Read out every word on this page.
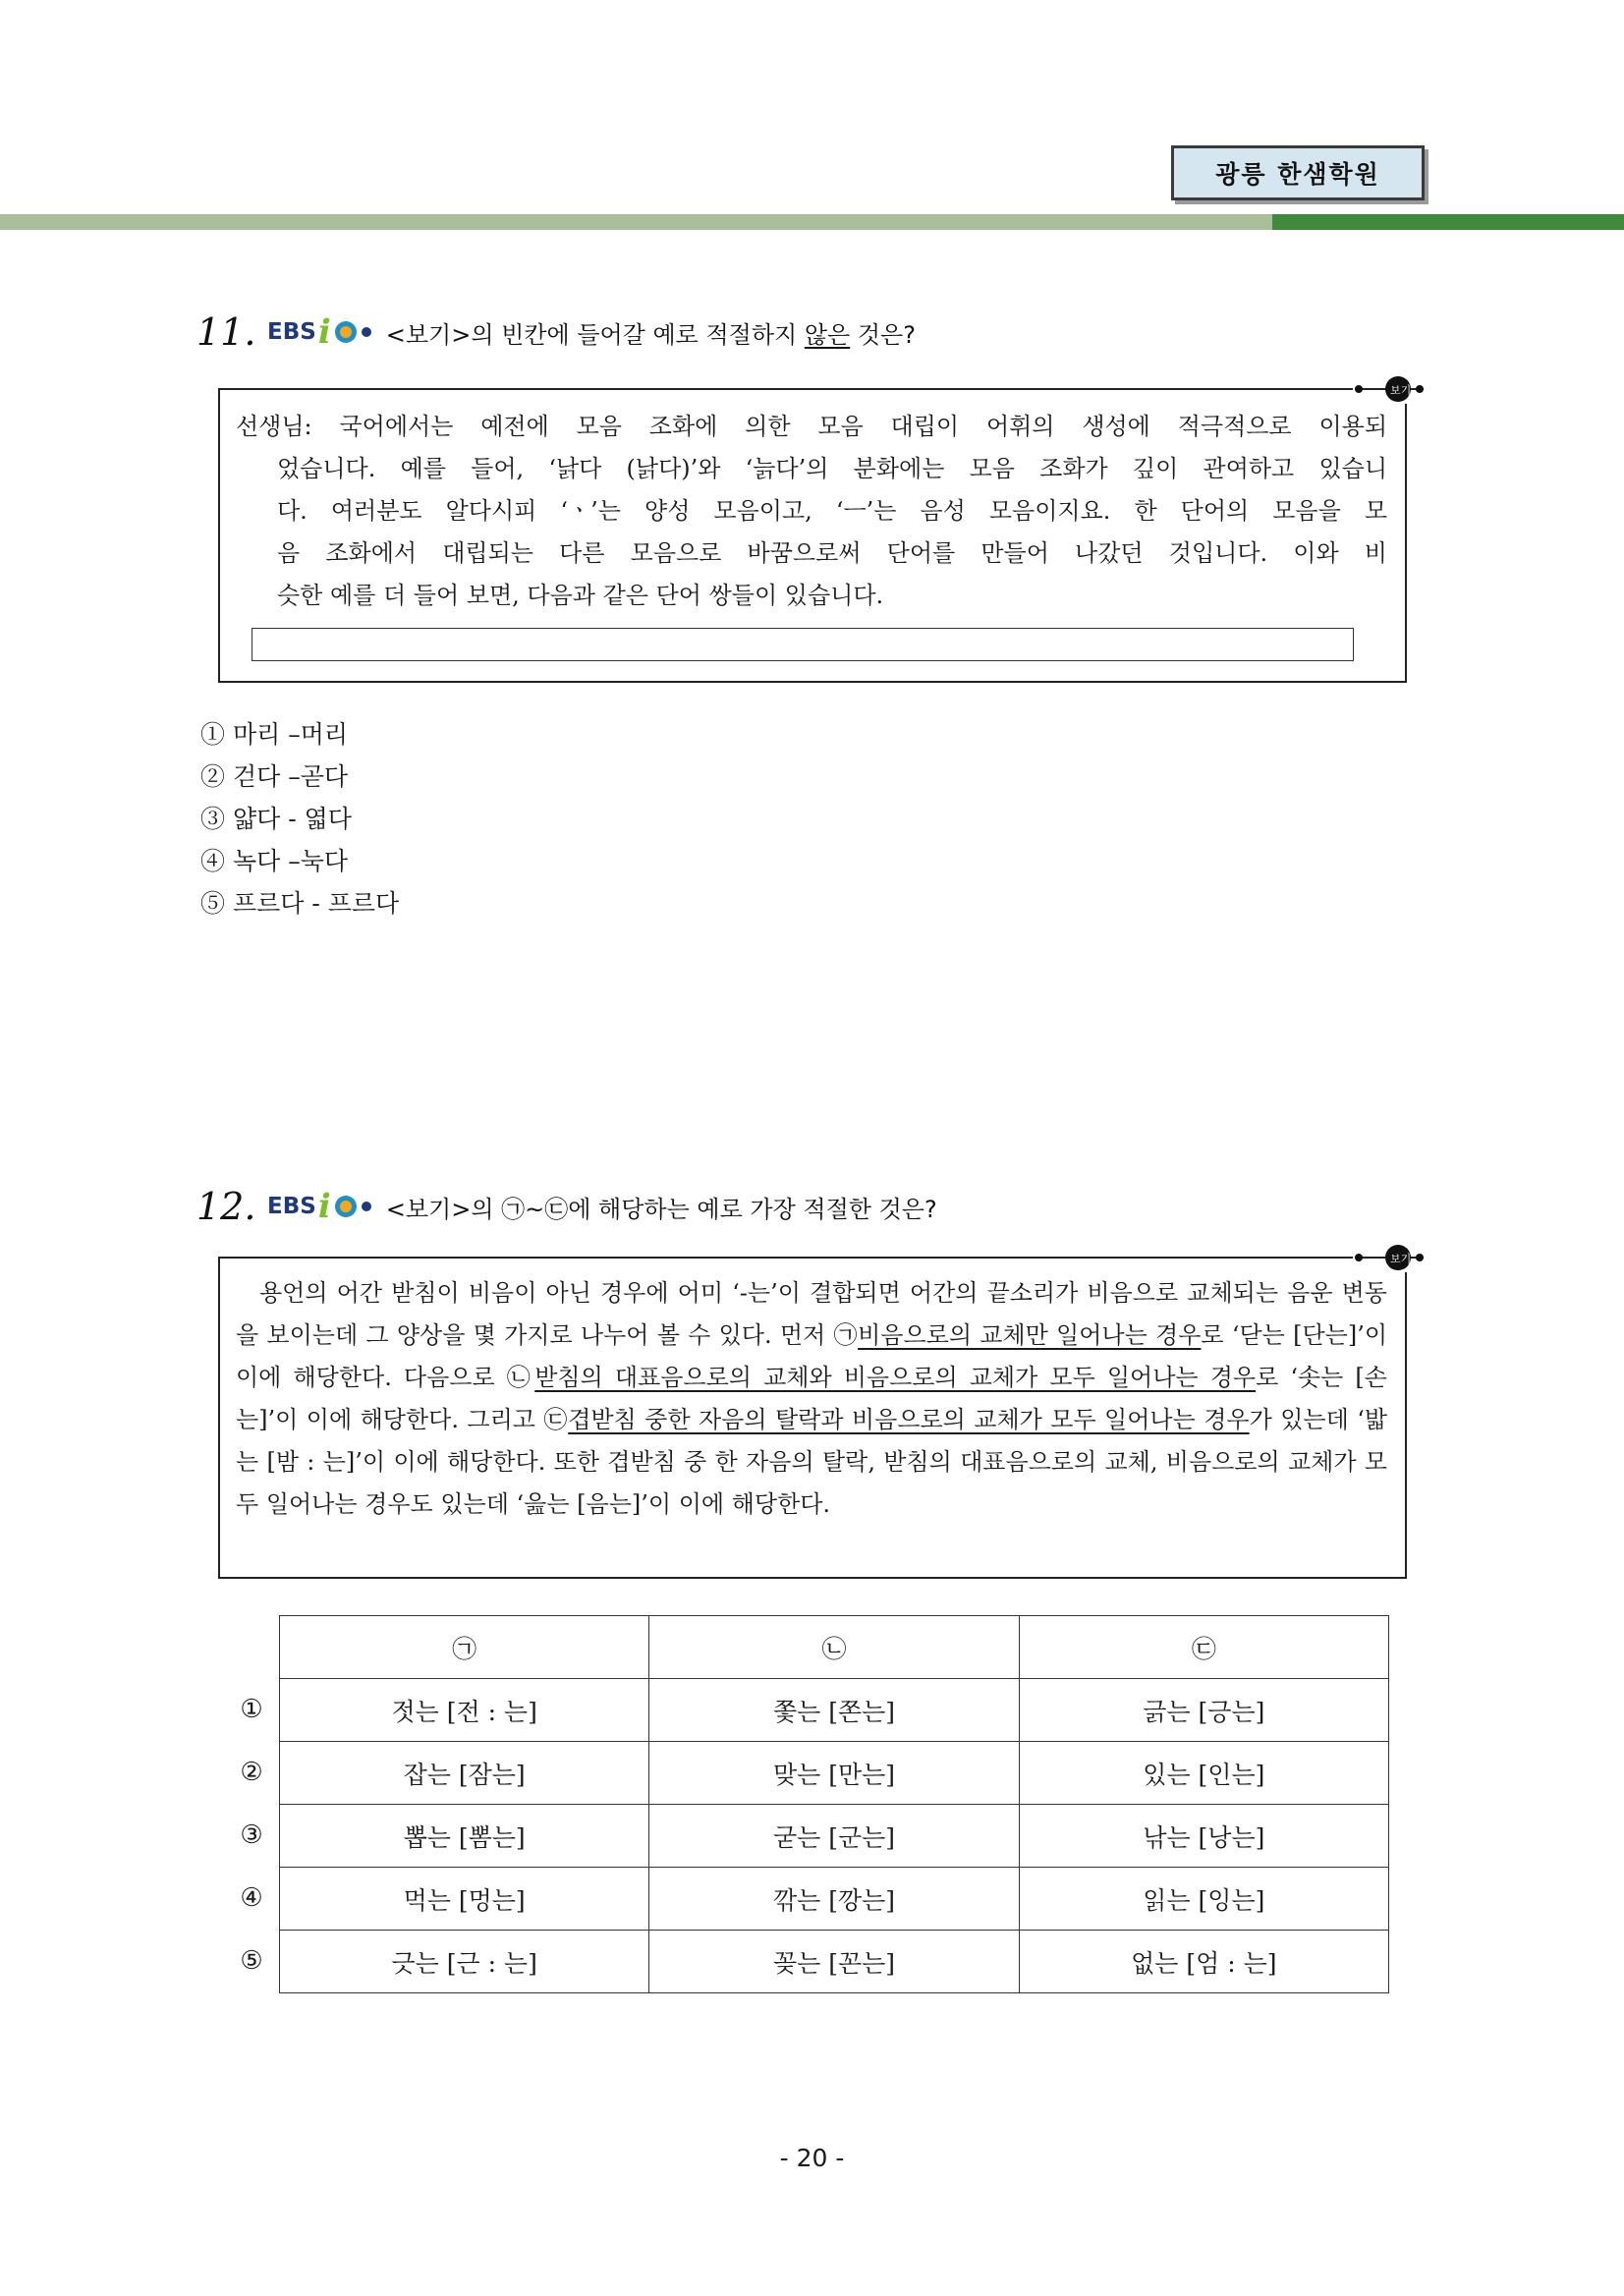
광릉 한샘학원
11. EBS i <보기>의 빈칸에 들어갈 예로 적절하지 않은 것은?
보기
선생님: 국어에서는 예전에 모음 조화에 의한 모음 대립이 어휘의 생성에 적극적으로 이용되
었습니다. 예를 들어, ‘낡다 (낡다)’와 ‘늙다’의 분화에는 모음 조화가 깊이 관여하고 있습니
다. 여러분도 알다시피 ‘ㆍ’는 양성 모음이고, ‘ㅡ’는 음성 모음이지요. 한 단어의 모음을 모
음 조화에서 대립되는 다른 모음으로 바꿈으로써 단어를 만들어 나갔던 것입니다. 이와 비
슷한 예를 더 들어 보면, 다음과 같은 단어 쌍들이 있습니다.
① 마리 –머리
② 걷다 –곧다
③ 얇다 - 엷다
④ 녹다 –눅다
⑤ 프르다 - 프르다
12. EBS i <보기>의 ㉠~㉢에 해당하는 예로 가장 적절한 것은?
보기
용언의 어간 받침이 비음이 아닌 경우에 어미 ‘-는’이 결합되면 어간의 끝소리가 비음으로 교체되는 음운 변동을 보이는데 그 양상을 몇 가지로 나누어 볼 수 있다. 먼저 ㉠비음으로의 교체만 일어나는 경우로 ‘닫는 [단는]’이 이에 해당한다. 다음으로 ㉡받침의 대표음으로의 교체와 비음으로의 교체가 모두 일어나는 경우로 ‘솟는 [손는]’이 이에 해당한다. 그리고 ㉢겹받침 중한 자음의 탈락과 비음으로의 교체가 모두 일어나는 경우가 있는데 ‘밟는 [밤 : 는]’이 이에 해당한다. 또한 겹받침 중 한 자음의 탈락, 받침의 대표음으로의 교체, 비음으로의 교체가 모두 일어나는 경우도 있는데 ‘읊는 [음는]’이 이에 해당한다.
①
②
③
④
⑤
㉠	㉡	㉢
젓는 [전 : 는]	쫓는 [쫀는]	긁는 [긍는]
잡는 [잠는]	맞는 [만는]	있는 [인는]
뽑는 [뽐는]	굳는 [군는]	낚는 [낭는]
먹는 [멍는]	깎는 [깡는]	읽는 [잉는]
긋는 [근 : 는]	꽂는 [꼰는]	없는 [엄 : 는]
- 20 -
